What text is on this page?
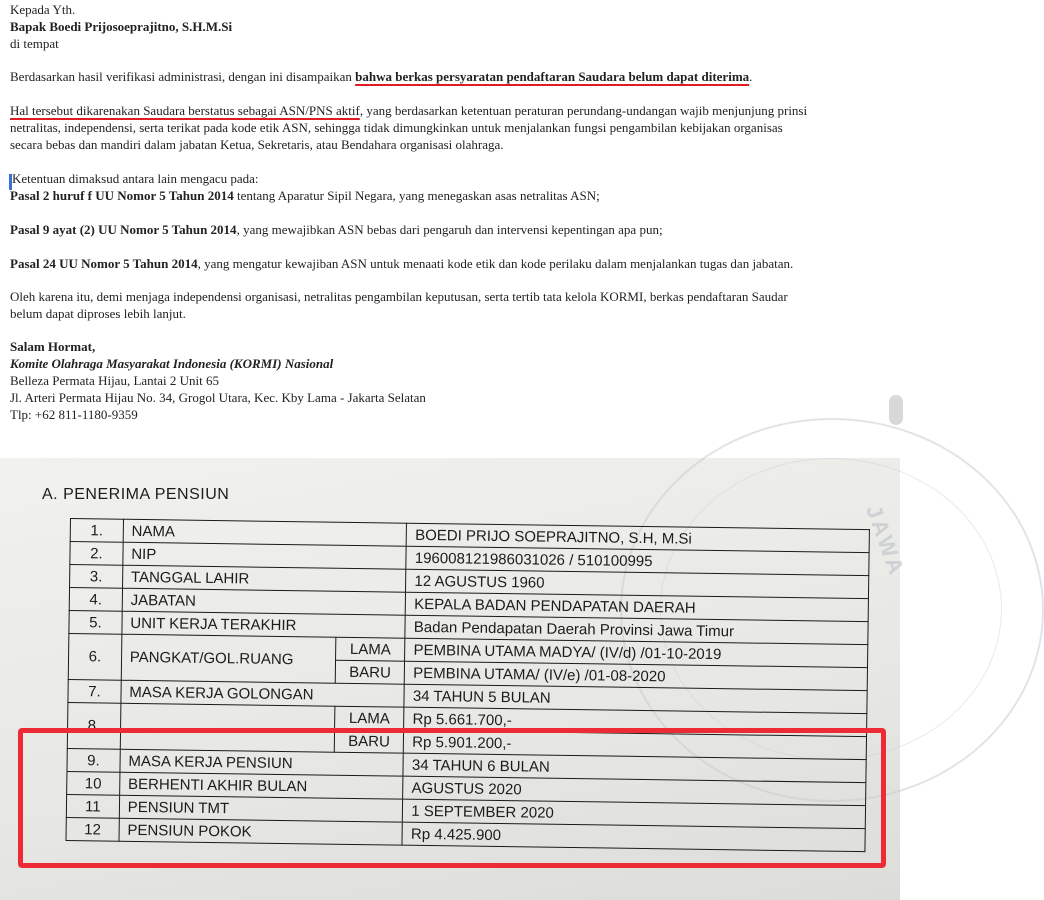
Kepada Yth.
Bapak Boedi Prijosoeprajitno, S.H.M.Si
di tempat
Berdasarkan hasil verifikasi administrasi, dengan ini disampaikan bahwa berkas persyaratan pendaftaran Saudara belum dapat diterima.
Hal tersebut dikarenakan Saudara berstatus sebagai ASN/PNS aktif, yang berdasarkan ketentuan peraturan perundang-undangan wajib menjunjung prinsi
netralitas, independensi, serta terikat pada kode etik ASN, sehingga tidak dimungkinkan untuk menjalankan fungsi pengambilan kebijakan organisas
secara bebas dan mandiri dalam jabatan Ketua, Sekretaris, atau Bendahara organisasi olahraga.
Ketentuan dimaksud antara lain mengacu pada:
Pasal 2 huruf f UU Nomor 5 Tahun 2014 tentang Aparatur Sipil Negara, yang menegaskan asas netralitas ASN;
Pasal 9 ayat (2) UU Nomor 5 Tahun 2014, yang mewajibkan ASN bebas dari pengaruh dan intervensi kepentingan apa pun;
Pasal 24 UU Nomor 5 Tahun 2014, yang mengatur kewajiban ASN untuk menaati kode etik dan kode perilaku dalam menjalankan tugas dan jabatan.
Oleh karena itu, demi menjaga independensi organisasi, netralitas pengambilan keputusan, serta tertib tata kelola KORMI, berkas pendaftaran Saudar
belum dapat diproses lebih lanjut.
Salam Hormat,
Komite Olahraga Masyarakat Indonesia (KORMI) Nasional
Belleza Permata Hijau, Lantai 2 Unit 65
Jl. Arteri Permata Hijau No. 34, Grogol Utara, Kec. Kby Lama - Jakarta Selatan
Tlp: +62 811-1180-9359
JAWA
A. PENERIMA PENSIUN
1.	NAMA		BOEDI PRIJO SOEPRAJITNO, S.H, M.Si
2.	NIP		196008121986031026 / 510100995
3.	TANGGAL LAHIR		12 AGUSTUS 1960
4.	JABATAN		KEPALA BADAN PENDAPATAN DAERAH
5.	UNIT KERJA TERAKHIR		Badan Pendapatan Daerah Provinsi Jawa Timur
6.	PANGKAT/GOL.RUANG	LAMA	PEMBINA UTAMA MADYA/ (IV/d) /01-10-2019
		BARU	PEMBINA UTAMA/ (IV/e) /01-08-2020
7.	MASA KERJA GOLONGAN		34 TAHUN 5 BULAN
8.		LAMA	Rp 5.661.700,-
		BARU	Rp 5.901.200,-
9.	MASA KERJA PENSIUN		34 TAHUN 6 BULAN
10	BERHENTI AKHIR BULAN		AGUSTUS 2020
11	PENSIUN TMT		1 SEPTEMBER 2020
12	PENSIUN POKOK		Rp 4.425.900
